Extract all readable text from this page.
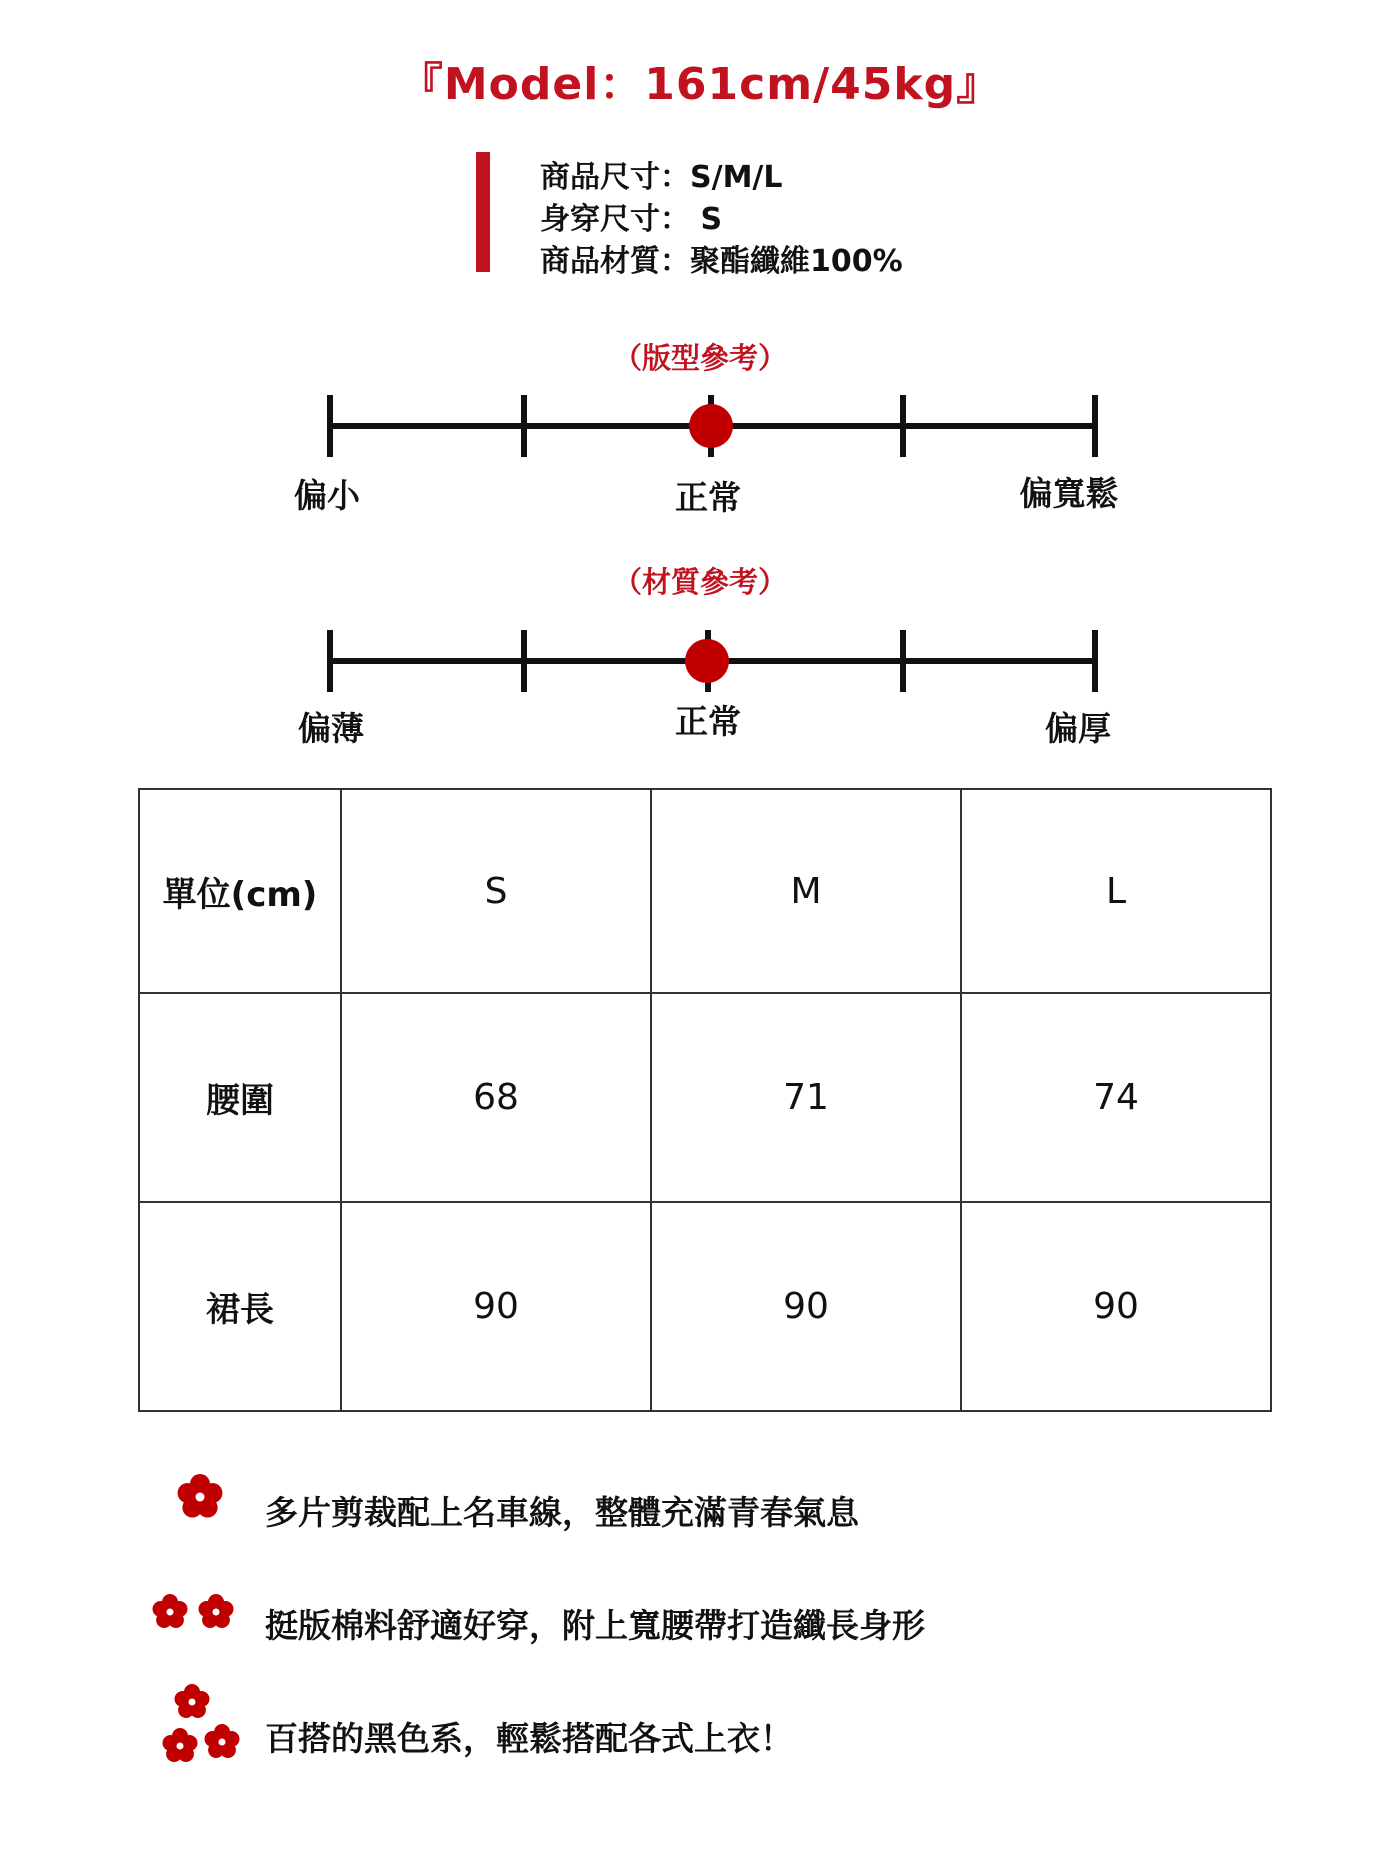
『Model：161cm/45kg』
商品尺寸：S/M/L
身穿尺寸： S
商品材質：聚酯纖維100%
（版型參考）
偏小	正常	偏寬鬆
（材質參考）
偏薄	正常	偏厚
單位(cm)	S	M	L
腰圍	68	71	74
裙長	90	90	90
多片剪裁配上名車線，整體充滿青春氣息
挺版棉料舒適好穿，附上寬腰帶打造纖長身形
百搭的黑色系，輕鬆搭配各式上衣！
